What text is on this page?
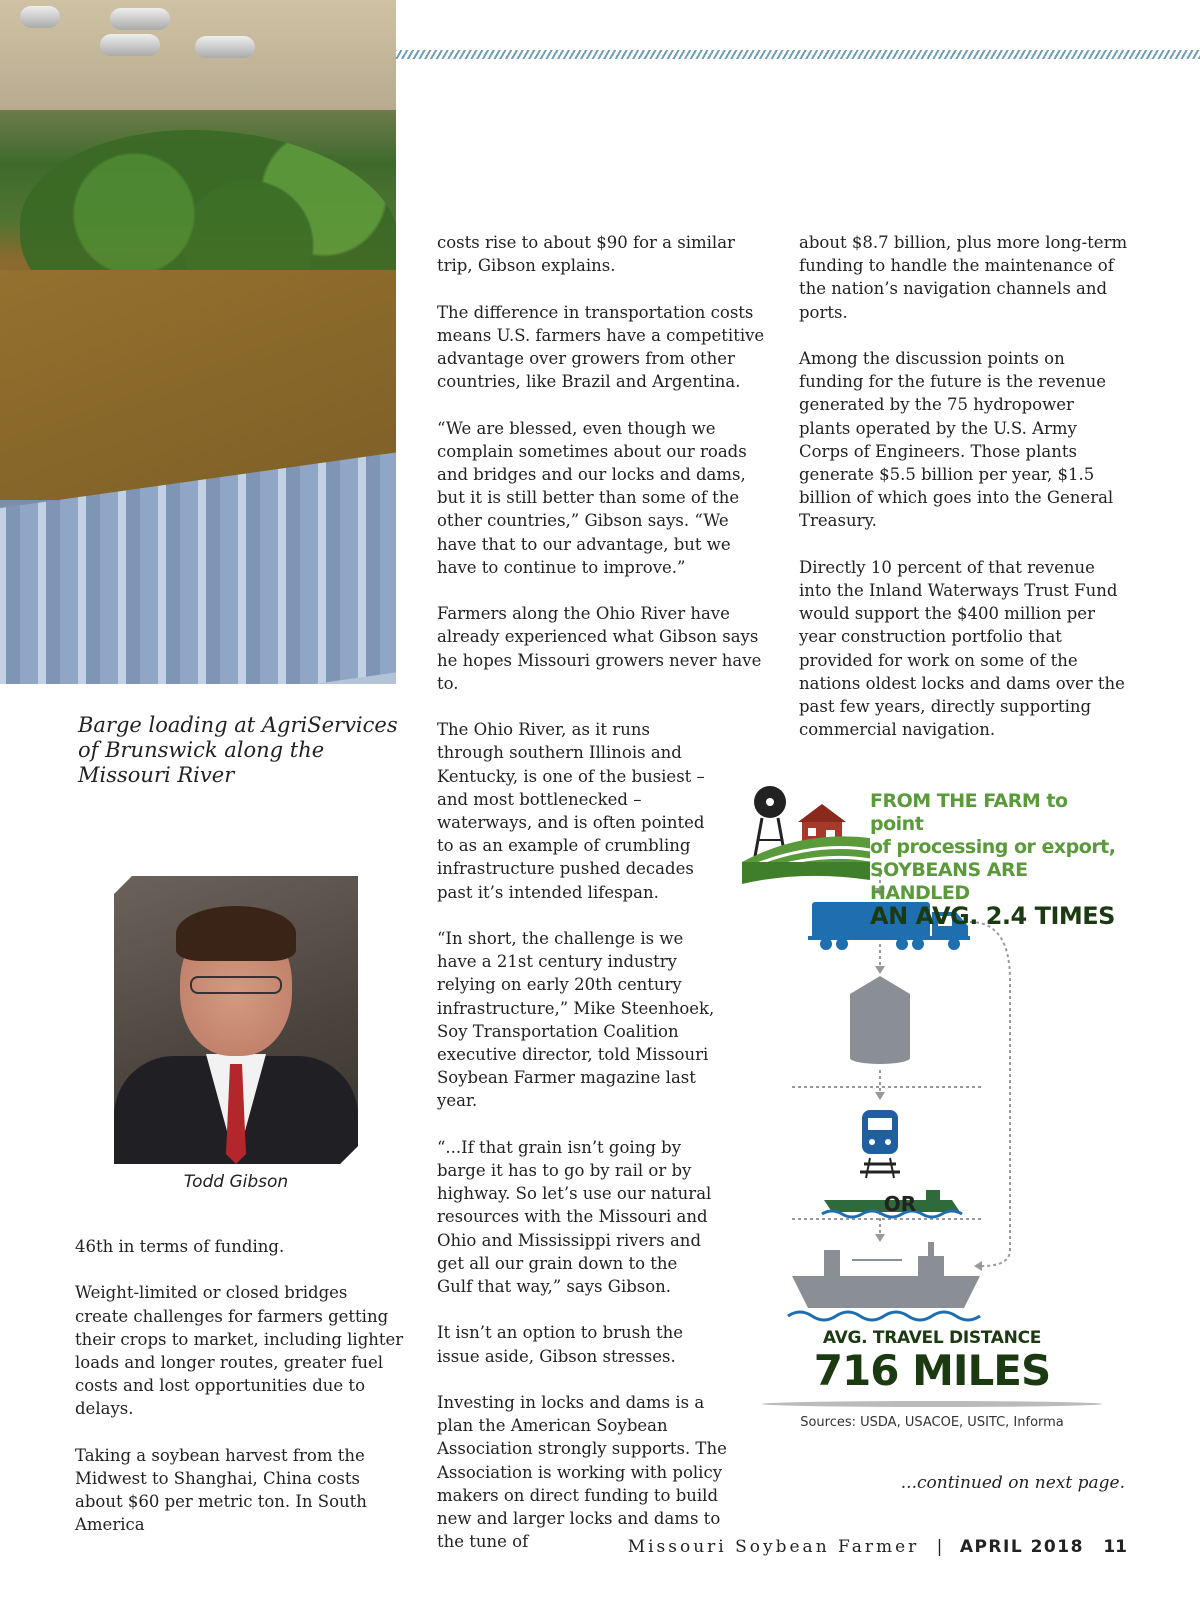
Barge loading at AgriServices of Brunswick along the Missouri River
Todd Gibson

46th in terms of funding.

Weight-limited or closed bridges create challenges for farmers getting their crops to market, including lighter loads and longer routes, greater fuel costs and lost opportunities due to delays.

Taking a soybean harvest from the Midwest to Shanghai, China costs about $60 per metric ton. In South America

costs rise to about $90 for a similar trip, Gibson explains.

The difference in transportation costs means U.S. farmers have a competitive advantage over growers from other countries, like Brazil and Argentina.

“We are blessed, even though we complain sometimes about our roads and bridges and our locks and dams, but it is still better than some of the other countries,” Gibson says. “We have that to our advantage, but we have to continue to improve.”

Farmers along the Ohio River have already experienced what Gibson says he hopes Missouri growers never have to.

The Ohio River, as it runs through southern Illinois and Kentucky, is one of the busiest – and most bottlenecked – waterways, and is often pointed to as an example of crumbling infrastructure pushed decades past it’s intended lifespan.

“In short, the challenge is we have a 21st century industry relying on early 20th century infrastructure,” Mike Steenhoek, Soy Transportation Coalition executive director, told Missouri Soybean Farmer magazine last year.

“...If that grain isn’t going by barge it has to go by rail or by highway. So let’s use our natural resources with the Missouri and Ohio and Mississippi rivers and get all our grain down to the Gulf that way,” says Gibson.

It isn’t an option to brush the issue aside, Gibson stresses.

Investing in locks and dams is a plan the American Soybean Association strongly supports. The Association is working with policy makers on direct funding to build new and larger locks and dams to the tune of

about $8.7 billion, plus more long-term funding to handle the maintenance of the nation’s navigation channels and ports.

Among the discussion points on funding for the future is the revenue generated by the 75 hydropower plants operated by the U.S. Army Corps of Engineers. Those plants generate $5.5 billion per year, $1.5 billion of which goes into the General Treasury.

Directly 10 percent of that revenue into the Inland Waterways Trust Fund would support the $400 million per year construction portfolio that provided for work on some of the nations oldest locks and dams over the past few years, directly supporting commercial navigation.

FROM THE FARM to point
of processing or export,
SOYBEANS ARE HANDLED
AN AVG. 2.4 TIMES
OR
AVG. TRAVEL DISTANCE
716 MILES
Sources: USDA, USACOE, USITC, Informa
...continued on next page.
Missouri Soybean Farmer | APRIL 2018 11
